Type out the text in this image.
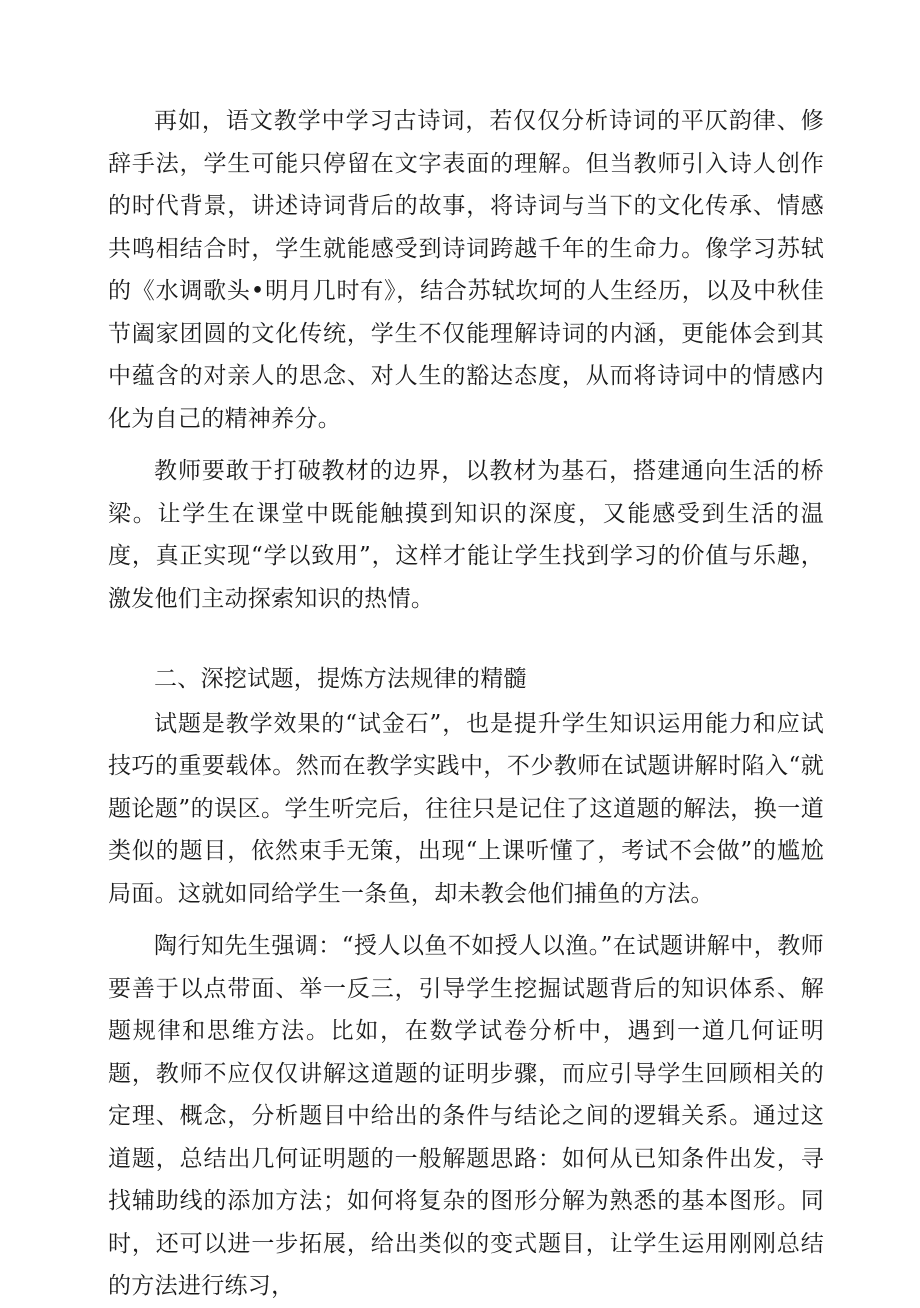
再如，语文教学中学习古诗词，若仅仅分析诗词的平仄韵律、修辞手法，学生可能只停留在文字表面的理解。但当教师引入诗人创作的时代背景，讲述诗词背后的故事，将诗词与当下的文化传承、情感共鸣相结合时，学生就能感受到诗词跨越千年的生命力。像学习苏轼的《水调歌头•明月几时有》，结合苏轼坎坷的人生经历，以及中秋佳节阖家团圆的文化传统，学生不仅能理解诗词的内涵，更能体会到其中蕴含的对亲人的思念、对人生的豁达态度，从而将诗词中的情感内化为自己的精神养分。

教师要敢于打破教材的边界，以教材为基石，搭建通向生活的桥梁。让学生在课堂中既能触摸到知识的深度，又能感受到生活的温度，真正实现“学以致用”，这样才能让学生找到学习的价值与乐趣，激发他们主动探索知识的热情。

二、深挖试题，提炼方法规律的精髓

试题是教学效果的“试金石”，也是提升学生知识运用能力和应试技巧的重要载体。然而在教学实践中，不少教师在试题讲解时陷入“就题论题”的误区。学生听完后，往往只是记住了这道题的解法，换一道类似的题目，依然束手无策，出现“上课听懂了，考试不会做”的尴尬局面。这就如同给学生一条鱼，却未教会他们捕鱼的方法。

陶行知先生强调：“授人以鱼不如授人以渔。”在试题讲解中，教师要善于以点带面、举一反三，引导学生挖掘试题背后的知识体系、解题规律和思维方法。比如，在数学试卷分析中，遇到一道几何证明题，教师不应仅仅讲解这道题的证明步骤，而应引导学生回顾相关的定理、概念，分析题目中给出的条件与结论之间的逻辑关系。通过这道题，总结出几何证明题的一般解题思路：如何从已知条件出发，寻找辅助线的添加方法；如何将复杂的图形分解为熟悉的基本图形。同时，还可以进一步拓展，给出类似的变式题目，让学生运用刚刚总结的方法进行练习，
